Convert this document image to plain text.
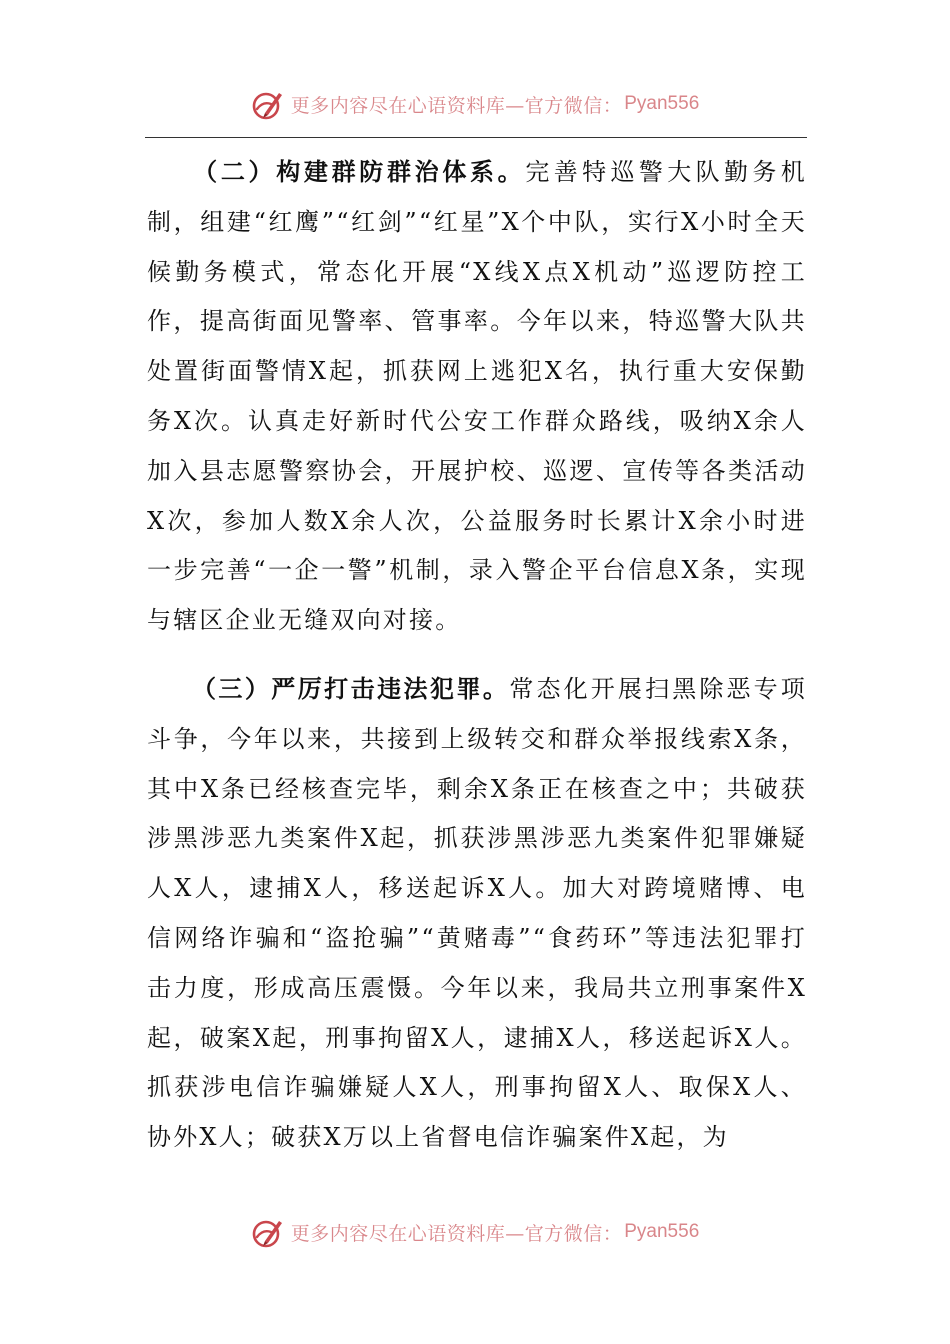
更多内容尽在心语资料库—官方微信： Pyan556

（二）构建群防群治体系。完善特巡警大队勤务机制，组建“红鹰”“红剑”“红星”X个中队，实行X小时全天候勤务模式，常态化开展“X线X点X机动”巡逻防控工作，提高街面见警率、管事率。今年以来，特巡警大队共处置街面警情X起，抓获网上逃犯X名，执行重大安保勤务X次。认真走好新时代公安工作群众路线，吸纳X余人加入县志愿警察协会，开展护校、巡逻、宣传等各类活动X次，参加人数X余人次，公益服务时长累计X余小时进一步完善“一企一警”机制，录入警企平台信息X条，实现与辖区企业无缝双向对接。

（三）严厉打击违法犯罪。常态化开展扫黑除恶专项斗争，今年以来，共接到上级转交和群众举报线索X条，其中X条已经核查完毕，剩余X条正在核查之中；共破获涉黑涉恶九类案件X起，抓获涉黑涉恶九类案件犯罪嫌疑人X人，逮捕X人，移送起诉X人。加大对跨境赌博、电信网络诈骗和“盗抢骗”“黄赌毒”“食药环”等违法犯罪打击力度，形成高压震慑。今年以来，我局共立刑事案件X起，破案X起，刑事拘留X人，逮捕X人，移送起诉X人。抓获涉电信诈骗嫌疑人X人，刑事拘留X人、取保X人、协外X人；破获X万以上省督电信诈骗案件X起，为

更多内容尽在心语资料库—官方微信： Pyan556
